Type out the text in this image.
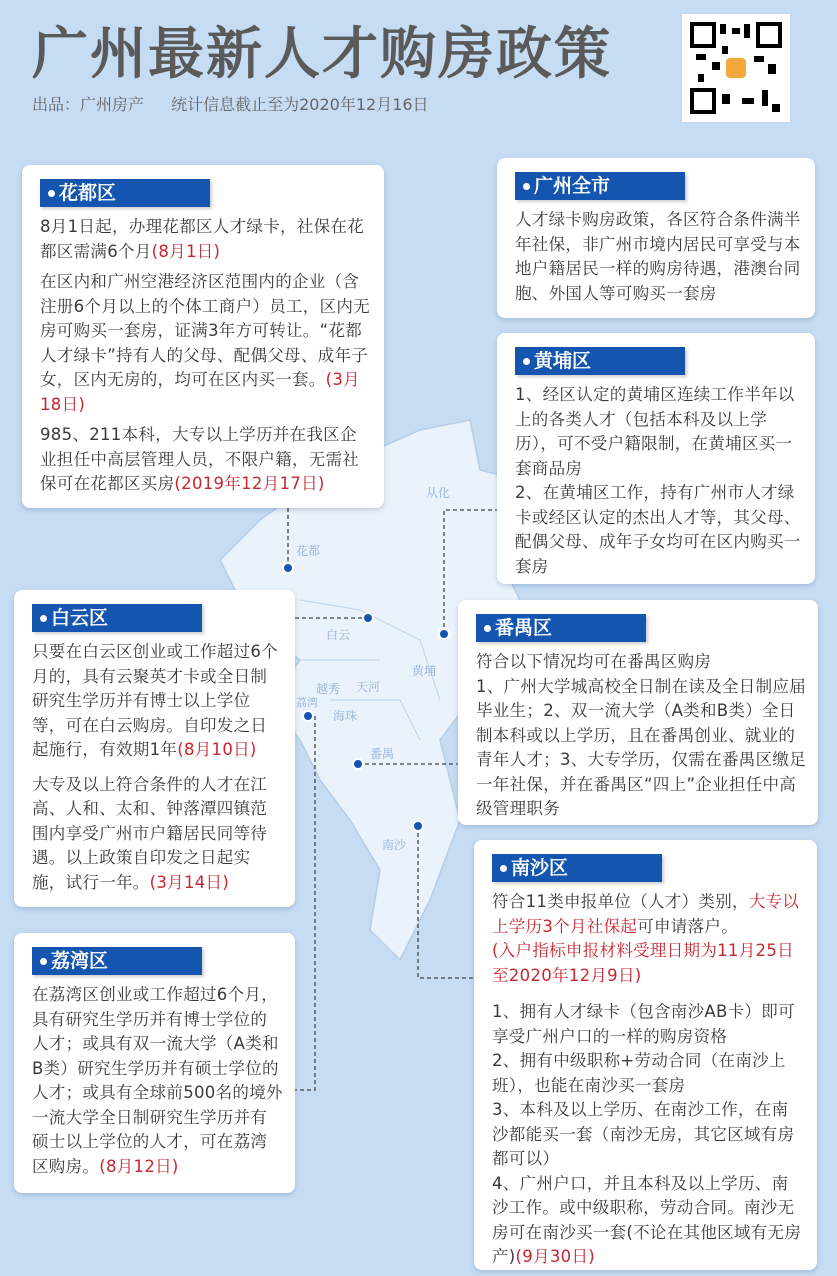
从化
花都
白云
天河
越秀
黄埔
海珠
荔湾
番禺
南沙
广州最新人才购房政策
出品：广州房产 统计信息截止至为2020年12月16日
花都区

8月1日起，办理花都区人才绿卡，社保在花都区需满6个月(8月1日)

在区内和广州空港经济区范围内的企业（含注册6个月以上的个体工商户）员工，区内无房可购买一套房，证满3年方可转让。“花都人才绿卡”持有人的父母、配偶父母、成年子女，区内无房的，均可在区内买一套。(3月18日)

985、211本科，大专以上学历并在我区企业担任中高层管理人员，不限户籍，无需社保可在花都区买房(2019年12月17日)

广州全市

人才绿卡购房政策，各区符合条件满半年社保，非广州市境内居民可享受与本地户籍居民一样的购房待遇，港澳台同胞、外国人等可购买一套房

黄埔区

1、经区认定的黄埔区连续工作半年以上的各类人才（包括本科及以上学历），可不受户籍限制，在黄埔区买一套商品房

2、在黄埔区工作，持有广州市人才绿卡或经区认定的杰出人才等，其父母、配偶父母、成年子女均可在区内购买一套房

白云区

只要在白云区创业或工作超过6个月的，具有云聚英才卡或全日制研究生学历并有博士以上学位等，可在白云购房。自印发之日起施行，有效期1年(8月10日)

大专及以上符合条件的人才在江高、人和、太和、钟落潭四镇范围内享受广州市户籍居民同等待遇。以上政策自印发之日起实施，试行一年。(3月14日)

番禺区

符合以下情况均可在番禺区购房

1、广州大学城高校全日制在读及全日制应届毕业生；2、双一流大学（A类和B类）全日制本科或以上学历，且在番禺创业、就业的青年人才；3、大专学历，仅需在番禺区缴足一年社保，并在番禺区“四上”企业担任中高级管理职务

荔湾区

在荔湾区创业或工作超过6个月，具有研究生学历并有博士学位的人才；或具有双一流大学（A类和B类）研究生学历并有硕士学位的人才；或具有全球前500名的境外一流大学全日制研究生学历并有硕士以上学位的人才，可在荔湾区购房。(8月12日)

南沙区

符合11类申报单位（人才）类别，大专以上学历3个月社保起可申请落户。
(入户指标申报材料受理日期为11月25日至2020年12月9日)

1、拥有人才绿卡（包含南沙AB卡）即可享受广州户口的一样的购房资格

2、拥有中级职称+劳动合同（在南沙上班），也能在南沙买一套房

3、本科及以上学历、在南沙工作，在南沙都能买一套（南沙无房，其它区域有房都可以）

4、广州户口，并且本科及以上学历、南沙工作。或中级职称，劳动合同。南沙无房可在南沙买一套(不论在其他区域有无房产)(9月30日)
